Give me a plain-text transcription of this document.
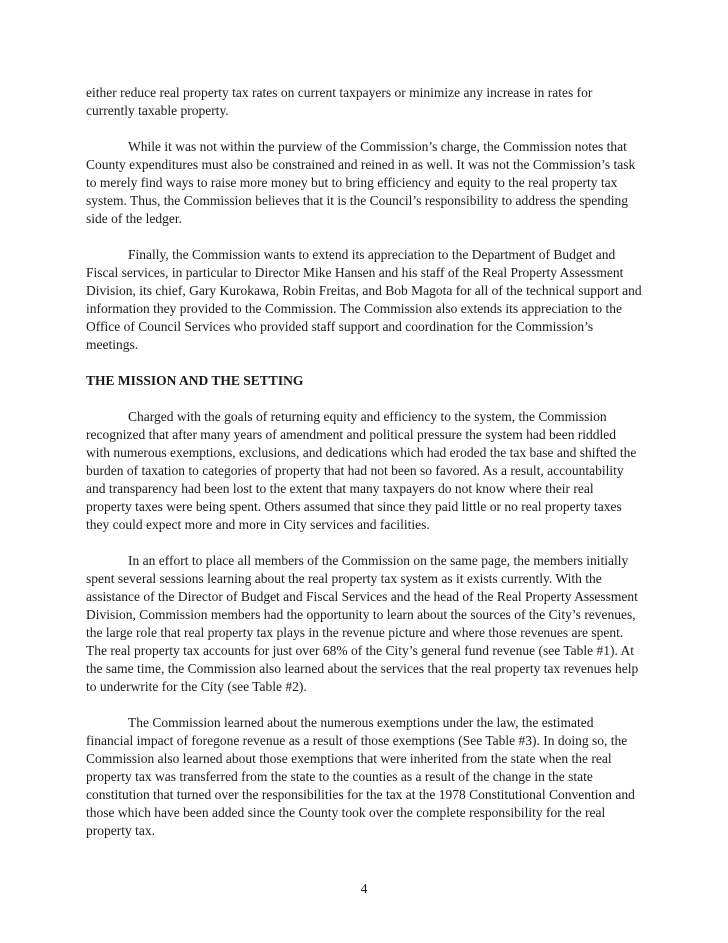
either reduce real property tax rates on current taxpayers or minimize any increase in rates for currently taxable property.

While it was not within the purview of the Commission’s charge, the Commission notes that County expenditures must also be constrained and reined in as well. It was not the Commission’s task to merely find ways to raise more money but to bring efficiency and equity to the real property tax system. Thus, the Commission believes that it is the Council’s responsibility to address the spending side of the ledger.

Finally, the Commission wants to extend its appreciation to the Department of Budget and Fiscal services, in particular to Director Mike Hansen and his staff of the Real Property Assessment Division, its chief, Gary Kurokawa, Robin Freitas, and Bob Magota for all of the technical support and information they provided to the Commission. The Commission also extends its appreciation to the Office of Council Services who provided staff support and coordination for the Commission’s meetings.

THE MISSION AND THE SETTING

Charged with the goals of returning equity and efficiency to the system, the Commission recognized that after many years of amendment and political pressure the system had been riddled with numerous exemptions, exclusions, and dedications which had eroded the tax base and shifted the burden of taxation to categories of property that had not been so favored. As a result, accountability and transparency had been lost to the extent that many taxpayers do not know where their real property taxes were being spent. Others assumed that since they paid little or no real property taxes they could expect more and more in City services and facilities.

In an effort to place all members of the Commission on the same page, the members initially spent several sessions learning about the real property tax system as it exists currently. With the assistance of the Director of Budget and Fiscal Services and the head of the Real Property Assessment Division, Commission members had the opportunity to learn about the sources of the City’s revenues, the large role that real property tax plays in the revenue picture and where those revenues are spent. The real property tax accounts for just over 68% of the City’s general fund revenue (see Table #1). At the same time, the Commission also learned about the services that the real property tax revenues help to underwrite for the City (see Table #2).

The Commission learned about the numerous exemptions under the law, the estimated financial impact of foregone revenue as a result of those exemptions (See Table #3). In doing so, the Commission also learned about those exemptions that were inherited from the state when the real property tax was transferred from the state to the counties as a result of the change in the state constitution that turned over the responsibilities for the tax at the 1978 Constitutional Convention and those which have been added since the County took over the complete responsibility for the real property tax.

4
